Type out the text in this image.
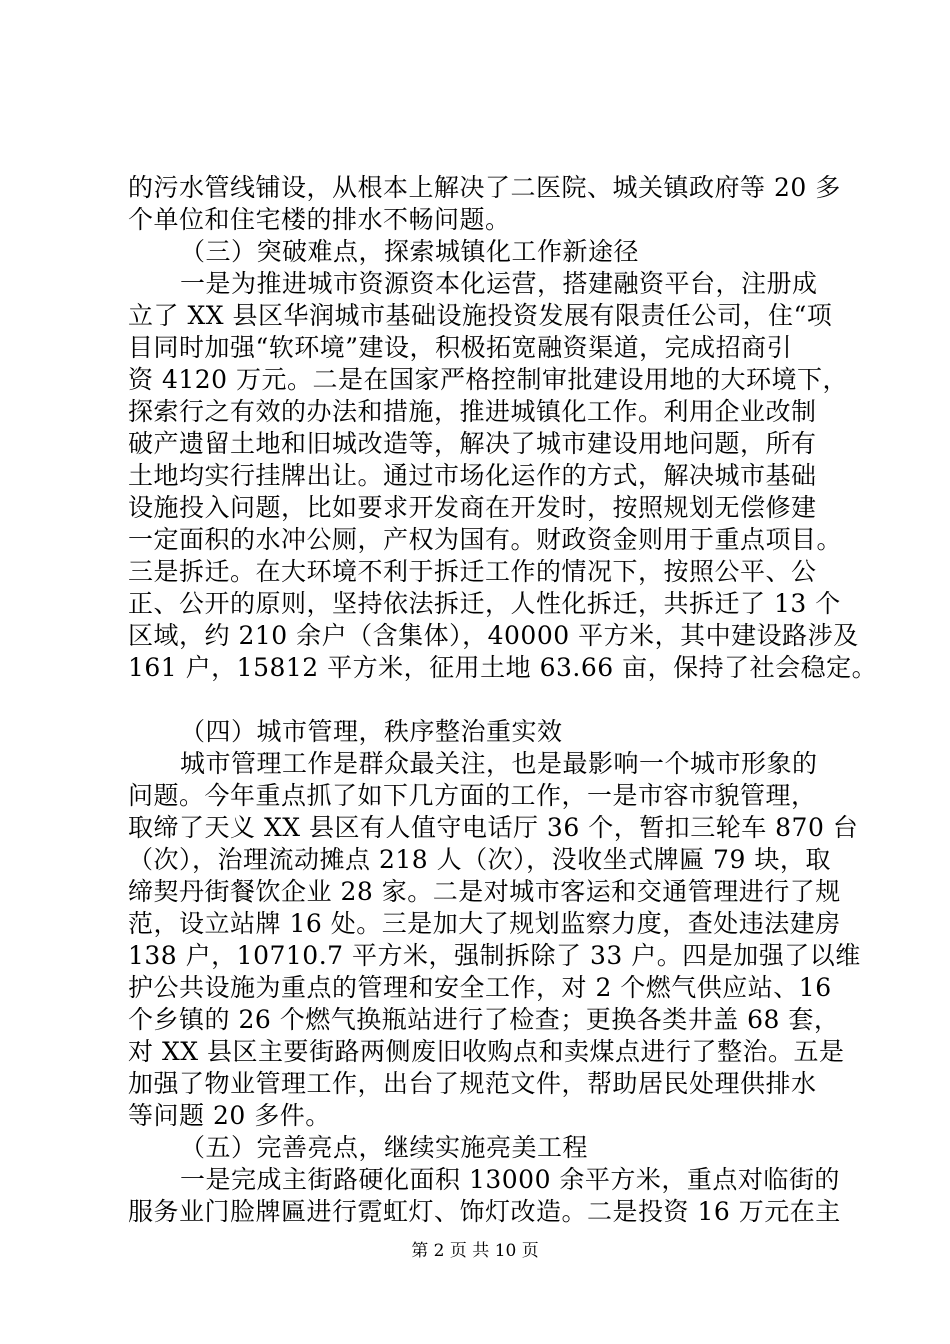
的污水管线铺设，从根本上解决了二医院、城关镇政府等 20 多
个单位和住宅楼的排水不畅问题。
（三）突破难点，探索城镇化工作新途径
一是为推进城市资源资本化运营，搭建融资平台，注册成
立了 XX 县区华润城市基础设施投资发展有限责任公司，住“项
目同时加强“软环境”建设，积极拓宽融资渠道，完成招商引
资 4120 万元。二是在国家严格控制审批建设用地的大环境下，
探索行之有效的办法和措施，推进城镇化工作。利用企业改制
破产遗留土地和旧城改造等，解决了城市建设用地问题，所有
土地均实行挂牌出让。通过市场化运作的方式，解决城市基础
设施投入问题，比如要求开发商在开发时，按照规划无偿修建
一定面积的水冲公厕，产权为国有。财政资金则用于重点项目。
三是拆迁。在大环境不利于拆迁工作的情况下，按照公平、公
正、公开的原则，坚持依法拆迁，人性化拆迁，共拆迁了 13 个
区域，约 210 余户（含集体），40000 平方米，其中建设路涉及
161 户，15812 平方米，征用土地 63.66 亩，保持了社会稳定。
（四）城市管理，秩序整治重实效
城市管理工作是群众最关注，也是最影响一个城市形象的
问题。今年重点抓了如下几方面的工作，一是市容市貌管理，
取缔了天义 XX 县区有人值守电话厅 36 个，暂扣三轮车 870 台
（次），治理流动摊点 218 人（次），没收坐式牌匾 79 块，取
缔契丹街餐饮企业 28 家。二是对城市客运和交通管理进行了规
范，设立站牌 16 处。三是加大了规划监察力度，查处违法建房
138 户，10710.7 平方米，强制拆除了 33 户。四是加强了以维
护公共设施为重点的管理和安全工作，对 2 个燃气供应站、16
个乡镇的 26 个燃气换瓶站进行了检查；更换各类井盖 68 套，
对 XX 县区主要街路两侧废旧收购点和卖煤点进行了整治。五是
加强了物业管理工作，出台了规范文件，帮助居民处理供排水
等问题 20 多件。
（五）完善亮点，继续实施亮美工程
一是完成主街路硬化面积 13000 余平方米，重点对临街的
服务业门脸牌匾进行霓虹灯、饰灯改造。二是投资 16 万元在主
第 2 页 共 10 页
